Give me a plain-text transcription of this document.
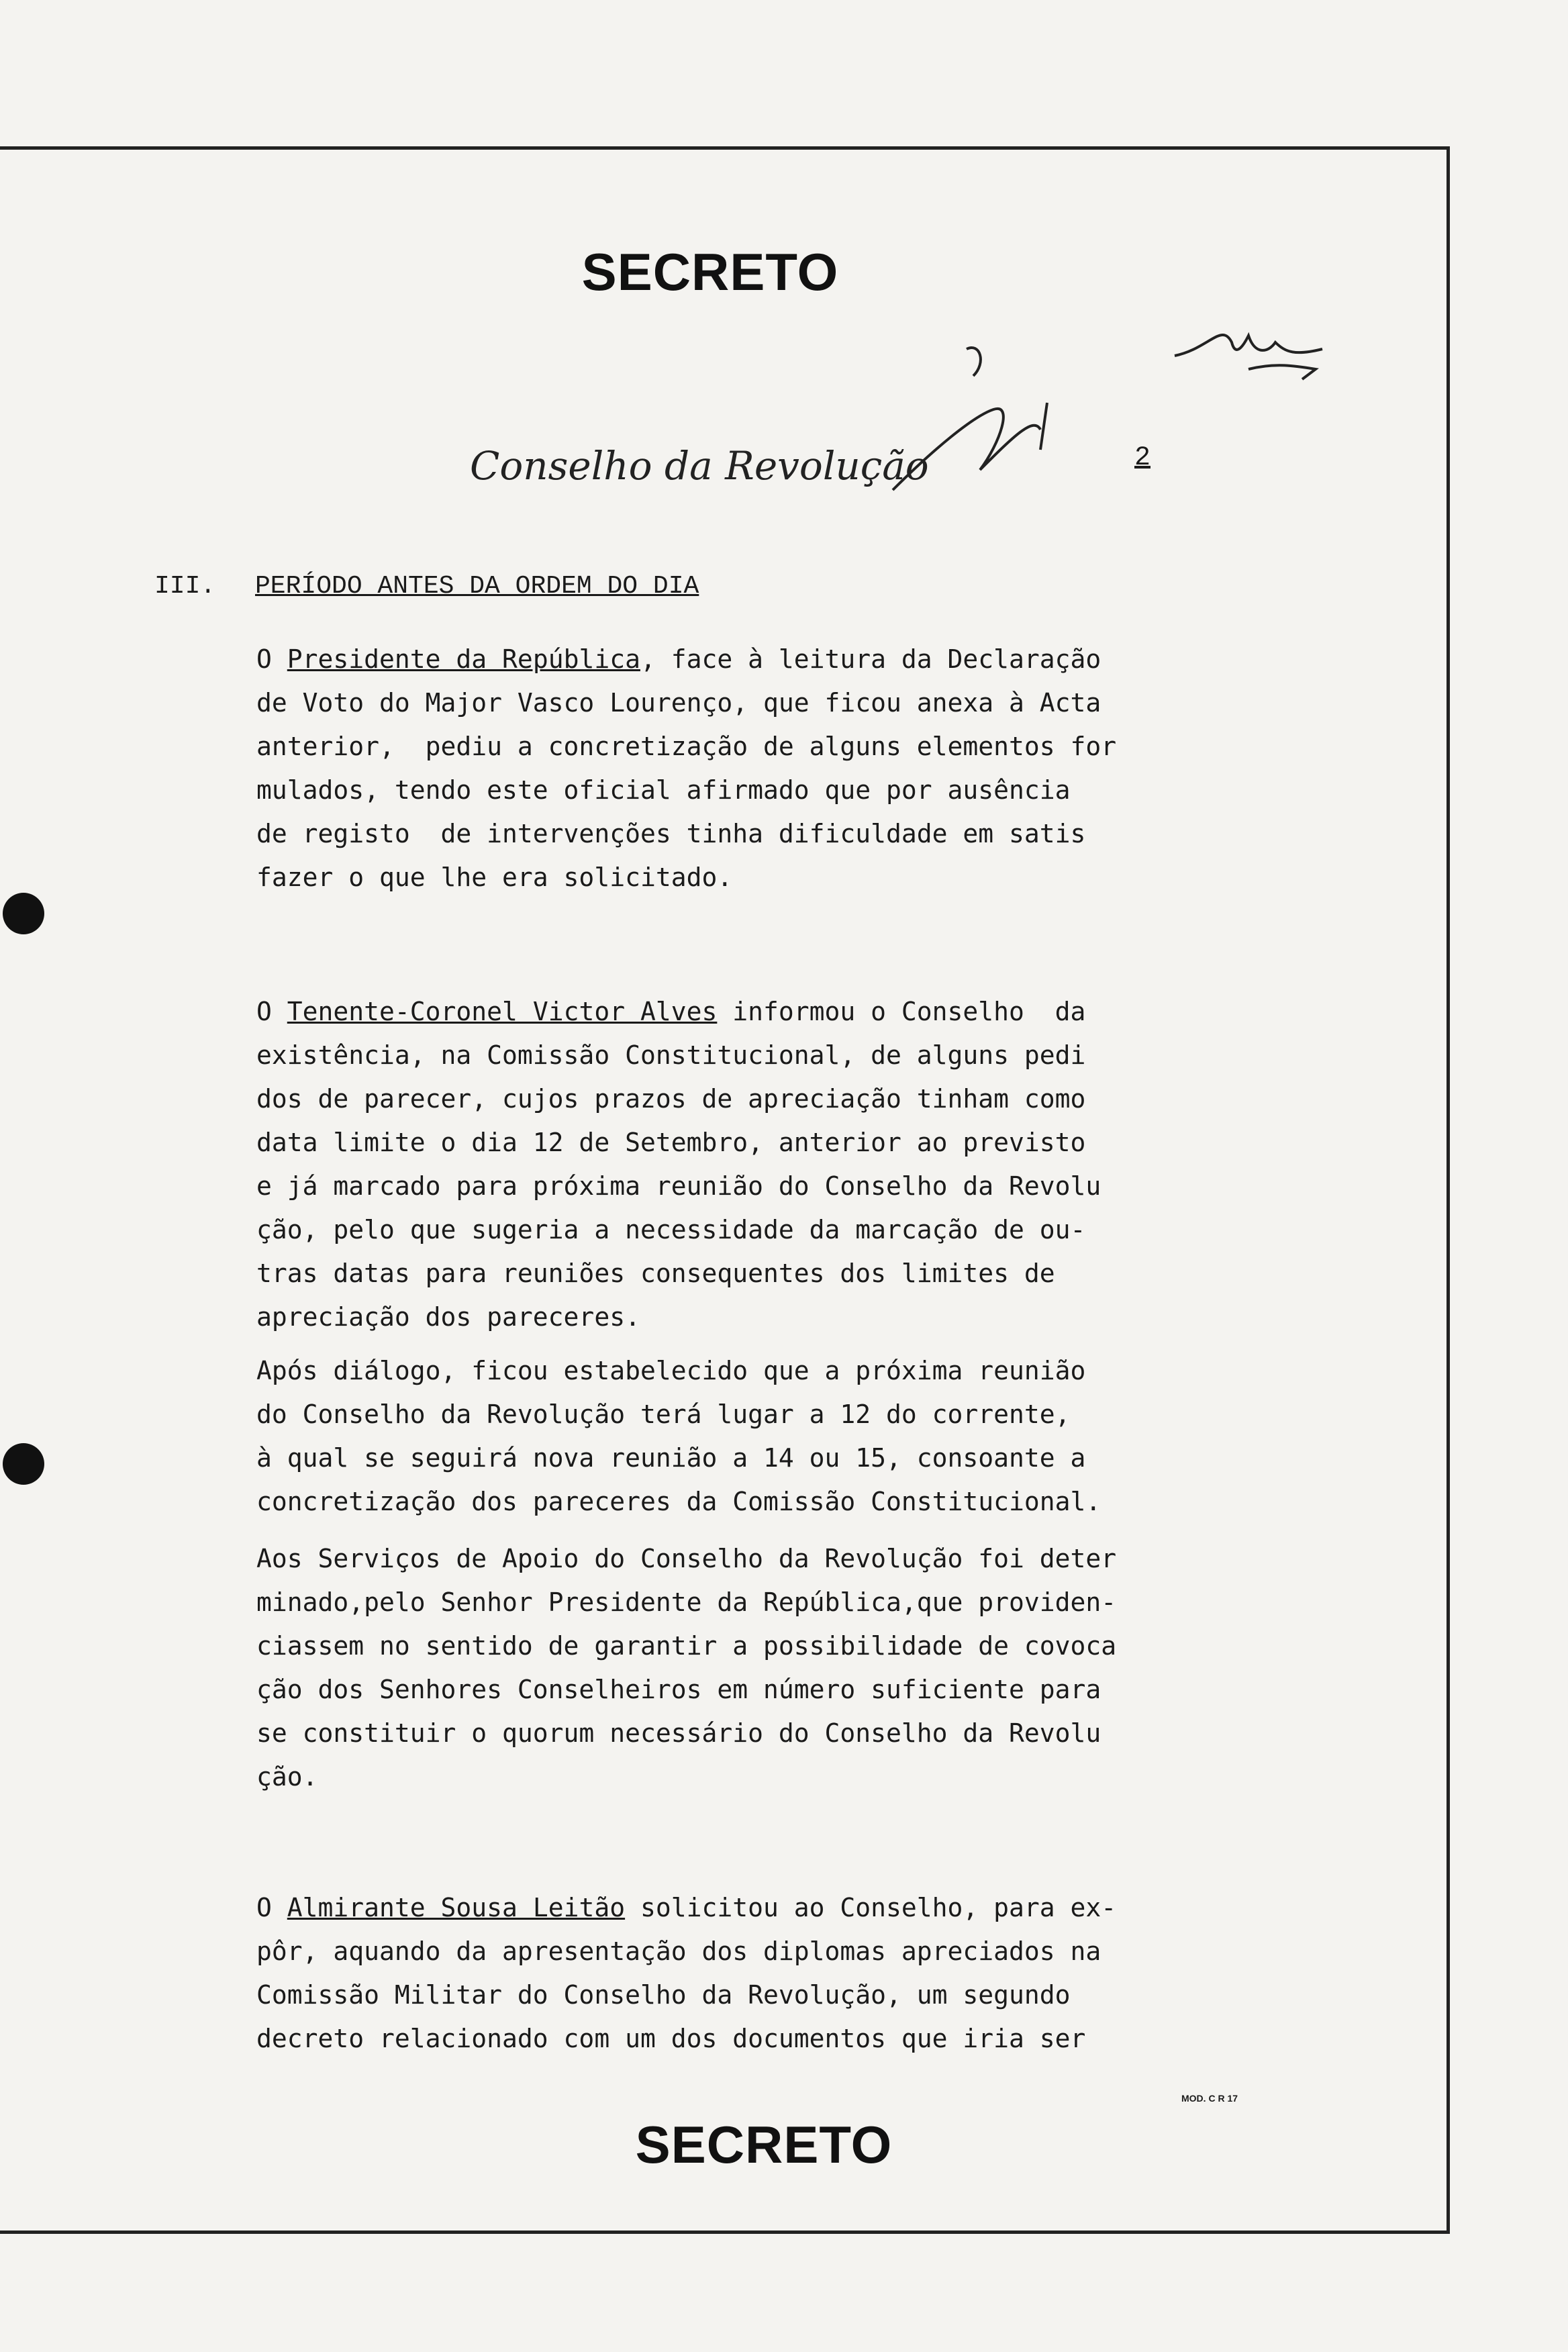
SECRETO
Conselho da Revolução	2
III. PERÍODO ANTES DA ORDEM DO DIA
O Presidente da República, face à leitura da Declaração
de Voto do Major Vasco Lourenço, que ficou anexa à Acta
anterior,  pediu a concretização de alguns elementos for
mulados, tendo este oficial afirmado que por ausência
de registo  de intervenções tinha dificuldade em satis
fazer o que lhe era solicitado.
O Tenente-Coronel Victor Alves informou o Conselho  da
existência, na Comissão Constitucional, de alguns pedi
dos de parecer, cujos prazos de apreciação tinham como
data limite o dia 12 de Setembro, anterior ao previsto
e já marcado para próxima reunião do Conselho da Revolu
ção, pelo que sugeria a necessidade da marcação de ou-
tras datas para reuniões consequentes dos limites de
apreciação dos pareceres.
Após diálogo, ficou estabelecido que a próxima reunião
do Conselho da Revolução terá lugar a 12 do corrente,
à qual se seguirá nova reunião a 14 ou 15, consoante a
concretização dos pareceres da Comissão Constitucional.
Aos Serviços de Apoio do Conselho da Revolução foi deter
minado,pelo Senhor Presidente da República,que providen-
ciassem no sentido de garantir a possibilidade de covoca
ção dos Senhores Conselheiros em número suficiente para
se constituir o quorum necessário do Conselho da Revolu
ção.
O Almirante Sousa Leitão solicitou ao Conselho, para ex-
pôr, aquando da apresentação dos diplomas apreciados na
Comissão Militar do Conselho da Revolução, um segundo
decreto relacionado com um dos documentos que iria ser
MOD. C R 17
SECRETO
